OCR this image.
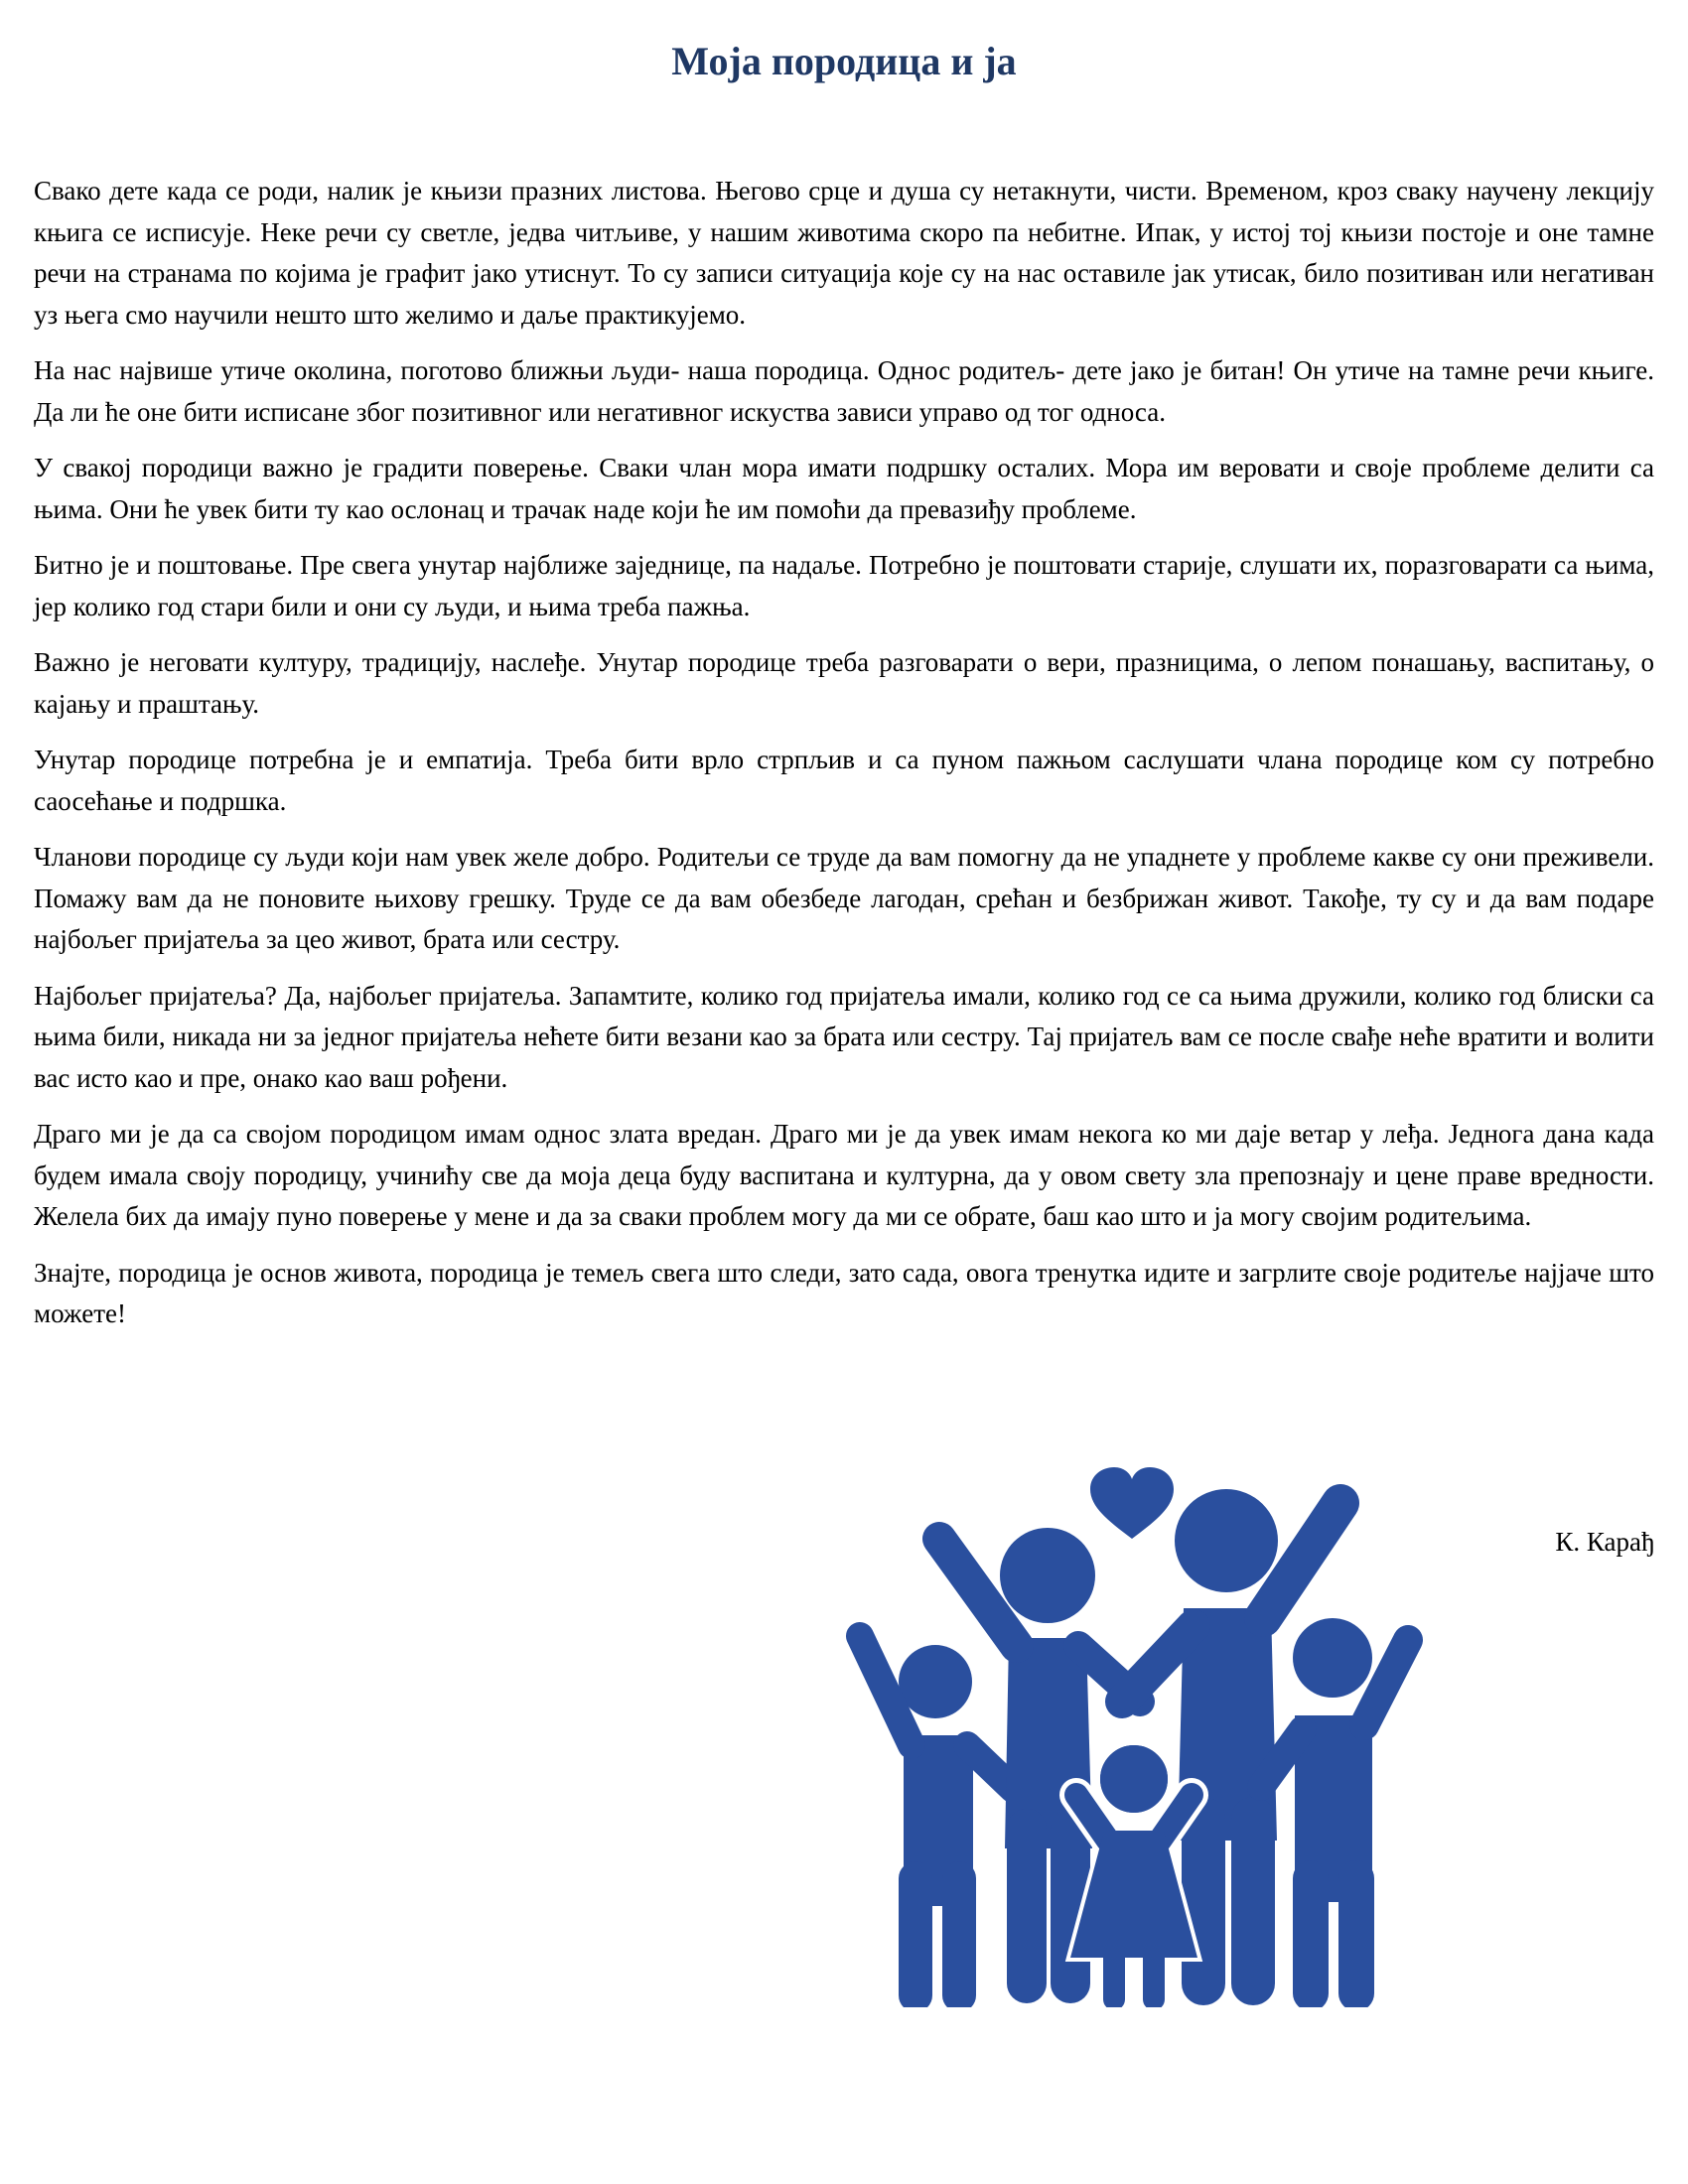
Моја породица и ја

Свако дете када се роди, налик је књизи празних листова. Његово срце и душа су нетакнути, чисти. Временом, кроз сваку научену лекцију књига се исписује. Неке речи су светле, једва читљиве, у нашим животима скоро па небитне. Ипак, у истој тој књизи постоје и оне тамне речи на странама по којима је графит јако утиснут. То су записи ситуација које су на нас оставиле јак утисак, било позитиван или негативан уз њега смо научили нешто што желимо и даље практикујемо.

На нас највише утиче околина, поготово ближњи људи- наша породица. Однос родитељ- дете јако је битан! Он утиче на тамне речи књиге. Да ли ће оне бити исписане због позитивног или негативног искуства зависи управо од тог односа.

У свакој породици важно је градити поверење. Сваки члан мора имати подршку осталих. Мора им веровати и своје проблеме делити са њима. Они ће увек бити ту као ослонац и трачак наде који ће им помоћи да превазиђу проблеме.

Битно је и поштовање. Пре свега унутар најближе заједнице, па надаље. Потребно је поштовати старије, слушати их, поразговарати са њима, јер колико год стари били и они су људи, и њима треба пажња.

Важно је неговати културу, традицију, наслеђе. Унутар породице треба разговарати о вери, празницима, о лепом понашању, васпитању, о кајању и праштању.

Унутар породице потребна је и емпатија. Треба бити врло стрпљив и са пуном пажњом саслушати члана породице ком су потребно саосећање и подршка.

Чланови породице су људи који нам увек желе добро. Родитељи се труде да вам помогну да не упаднете у проблеме какве су они преживели. Помажу вам да не поновите њихову грешку. Труде се да вам обезбеде лагодан, срећан и безбрижан живот. Такође, ту су и да вам подаре најбољег пријатеља за цео живот, брата или сестру.

Најбољег пријатеља? Да, најбољег пријатеља. Запамтите, колико год пријатеља имали, колико год се са њима дружили, колико год блиски са њима били, никада ни за једног пријатеља нећете бити везани као за брата или сестру. Тај пријатељ вам се после свађе неће вратити и волити вас исто као и пре, онако као ваш рођени.

Драго ми је да са својом породицом имам однос злата вредан. Драго ми је да увек имам некога ко ми даје ветар у леђа. Једнога дана када будем имала своју породицу, учинићу све да моја деца буду васпитана и културна, да у овом свету зла препознају и цене праве вредности. Желела бих да имају пуно поверење у мене и да за сваки проблем могу да ми се обрате, баш као што и ја могу својим родитељима.

Знајте, породица је основ живота, породица је темељ свега што следи, зато сада, овога тренутка идите и загрлите своје родитеље најјаче што можете!

К. Карађ
